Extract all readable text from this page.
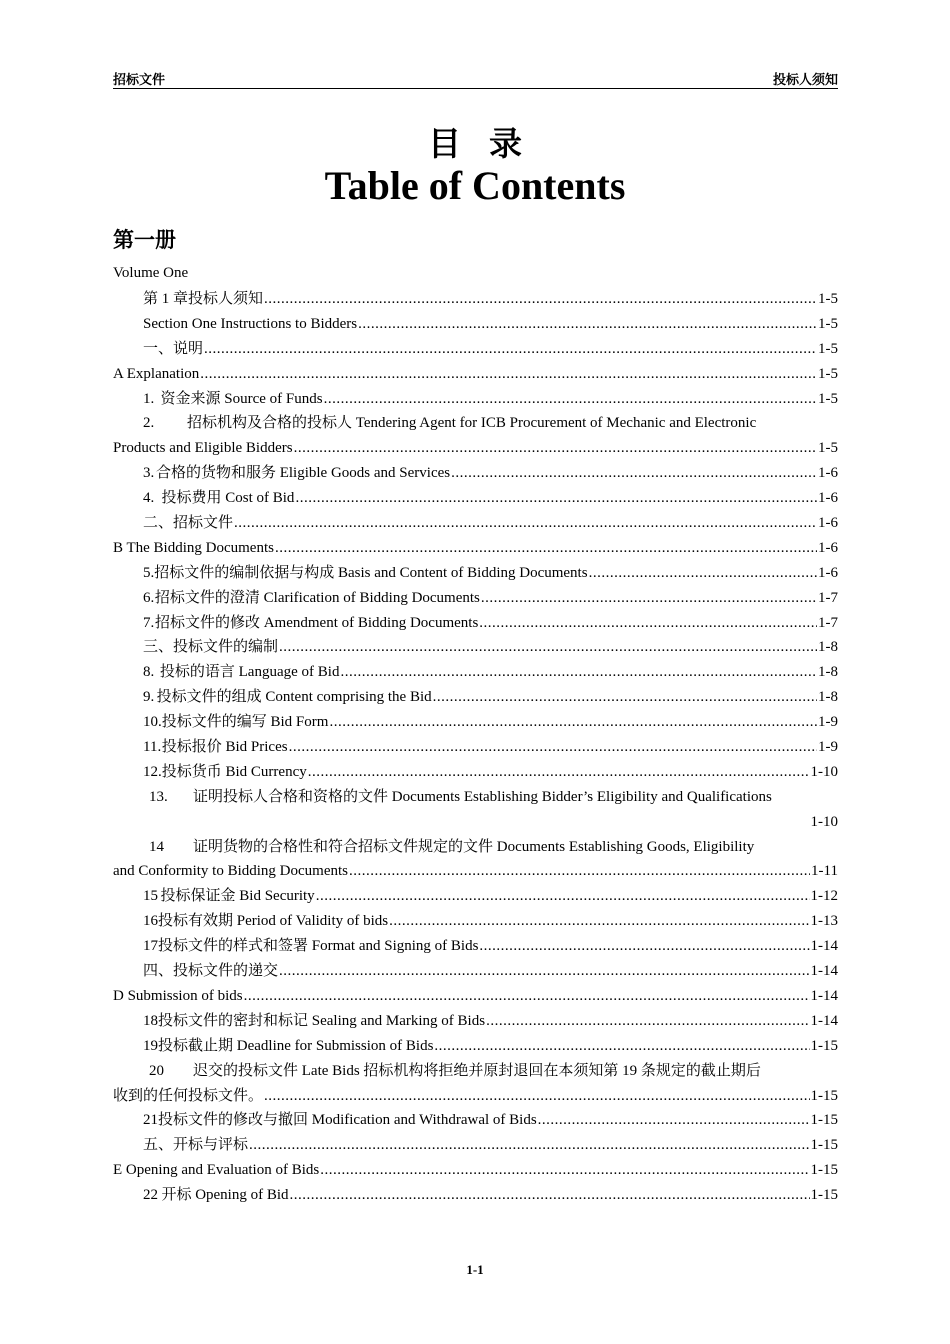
招标文件	投标人须知
目录
Table of Contents
第一册
Volume One
第 1 章投标人须知 .....	1-5
Section One Instructions to Bidders .....	1-5
一、 说明 .....	1-5
A Explanation .....	1-5
1. 资金来源 Source of Funds .....	1-5
2.	招标机构及合格的投标人 Tendering Agent for ICB Procurement of Mechanic and Electronic
Products and Eligible Bidders .....	1-5
3. 合格的货物和服务 Eligible Goods and Services .....	1-6
4. 投标费用 Cost of Bid .....	1-6
二、 招标文件 .....	1-6
B The Bidding Documents .....	1-6
5. 招标文件的编制依据与构成 Basis and Content of Bidding Documents .....	1-6
6. 招标文件的澄清 Clarification of Bidding Documents .....	1-7
7. 招标文件的修改 Amendment of Bidding Documents .....	1-7
三、 投标文件的编制 .....	1-8
8. 投标的语言 Language of Bid .....	1-8
9. 投标文件的组成 Content comprising the Bid .....	1-8
10. 投标文件的编写 Bid Form .....	1-9
11. 投标报价 Bid Prices .....	1-9
12. 投标货币 Bid Currency .....	1-10
13.	证明投标人合格和资格的文件 Documents Establishing Bidder’s Eligibility and Qualifications
1-10
14	证明货物的合格性和符合招标文件规定的文件 Documents Establishing Goods, Eligibility
and Conformity to Bidding Documents .....	1-11
15 投标保证金 Bid Security .....	1-12
16 投标有效期 Period of Validity of bids .....	1-13
17 投标文件的样式和签署 Format and Signing of Bids .....	1-14
四、 投标文件的递交 .....	1-14
D Submission of bids .....	1-14
18 投标文件的密封和标记 Sealing and Marking of Bids .....	1-14
19 投标截止期 Deadline for Submission of Bids .....	1-15
20	迟交的投标文件 Late Bids 招标机构将拒绝并原封退回在本须知第 19 条规定的截止期后
收到的任何投标文件。 .....	1-15
21 投标文件的修改与撤回 Modification and Withdrawal of Bids .....	1-15
五、 开标与评标 .....	1-15
E Opening and Evaluation of Bids .....	1-15
22 开标 Opening of Bid .....	1-15
1-1
